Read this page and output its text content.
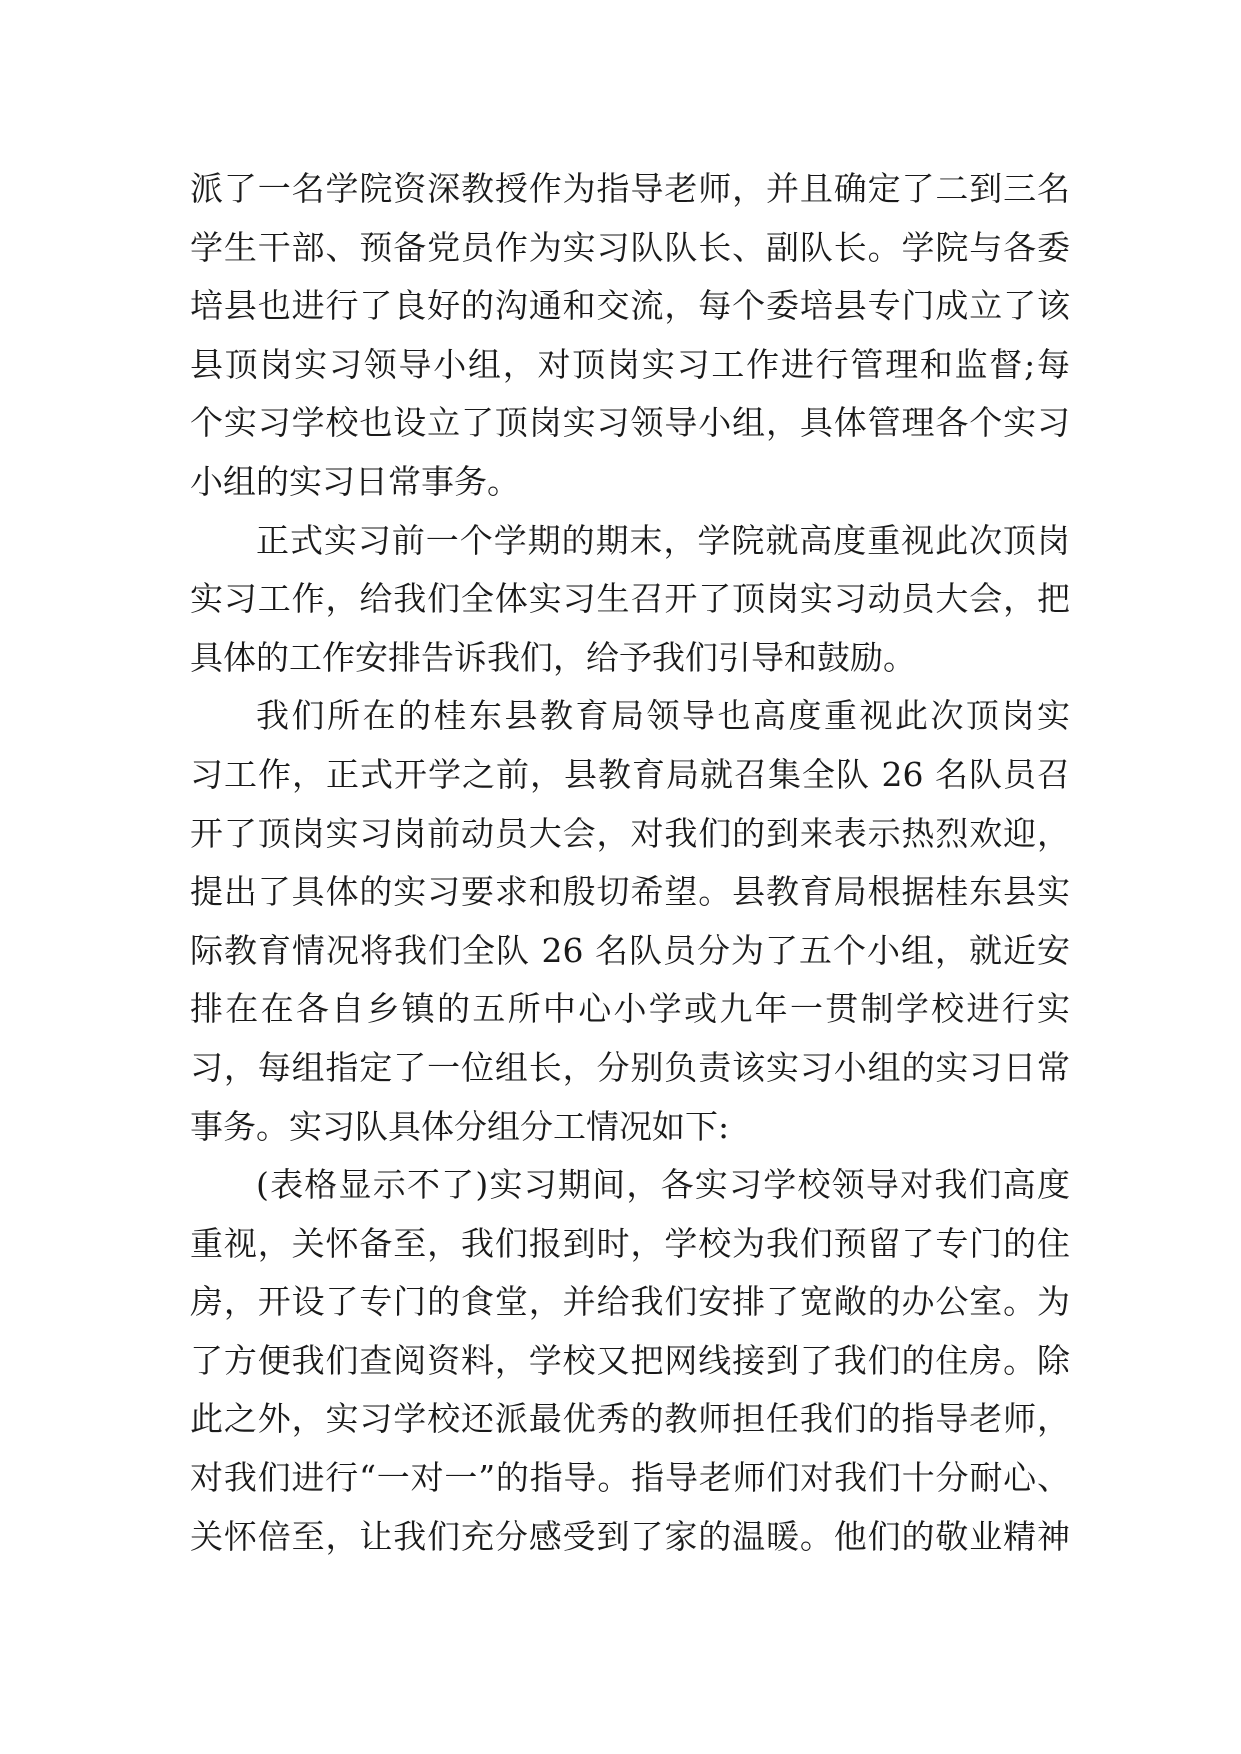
派了一名学院资深教授作为指导老师，并且确定了二到三名
学生干部、预备党员作为实习队队长、副队长。学院与各委
培县也进行了良好的沟通和交流，每个委培县专门成立了该
县顶岗实习领导小组，对顶岗实习工作进行管理和监督;每
个实习学校也设立了顶岗实习领导小组，具体管理各个实习
小组的实习日常事务。
正式实习前一个学期的期末，学院就高度重视此次顶岗
实习工作，给我们全体实习生召开了顶岗实习动员大会，把
具体的工作安排告诉我们，给予我们引导和鼓励。
我们所在的桂东县教育局领导也高度重视此次顶岗实
习工作，正式开学之前，县教育局就召集全队 26 名队员召
开了顶岗实习岗前动员大会，对我们的到来表示热烈欢迎，
提出了具体的实习要求和殷切希望。县教育局根据桂东县实
际教育情况将我们全队 26 名队员分为了五个小组，就近安
排在在各自乡镇的五所中心小学或九年一贯制学校进行实
习，每组指定了一位组长，分别负责该实习小组的实习日常
事务。实习队具体分组分工情况如下:
(表格显示不了)实习期间，各实习学校领导对我们高度
重视，关怀备至，我们报到时，学校为我们预留了专门的住
房，开设了专门的食堂，并给我们安排了宽敞的办公室。为
了方便我们查阅资料，学校又把网线接到了我们的住房。除
此之外，实习学校还派最优秀的教师担任我们的指导老师，
对我们进行“一对一”的指导。指导老师们对我们十分耐心、
关怀倍至，让我们充分感受到了家的温暖。他们的敬业精神
